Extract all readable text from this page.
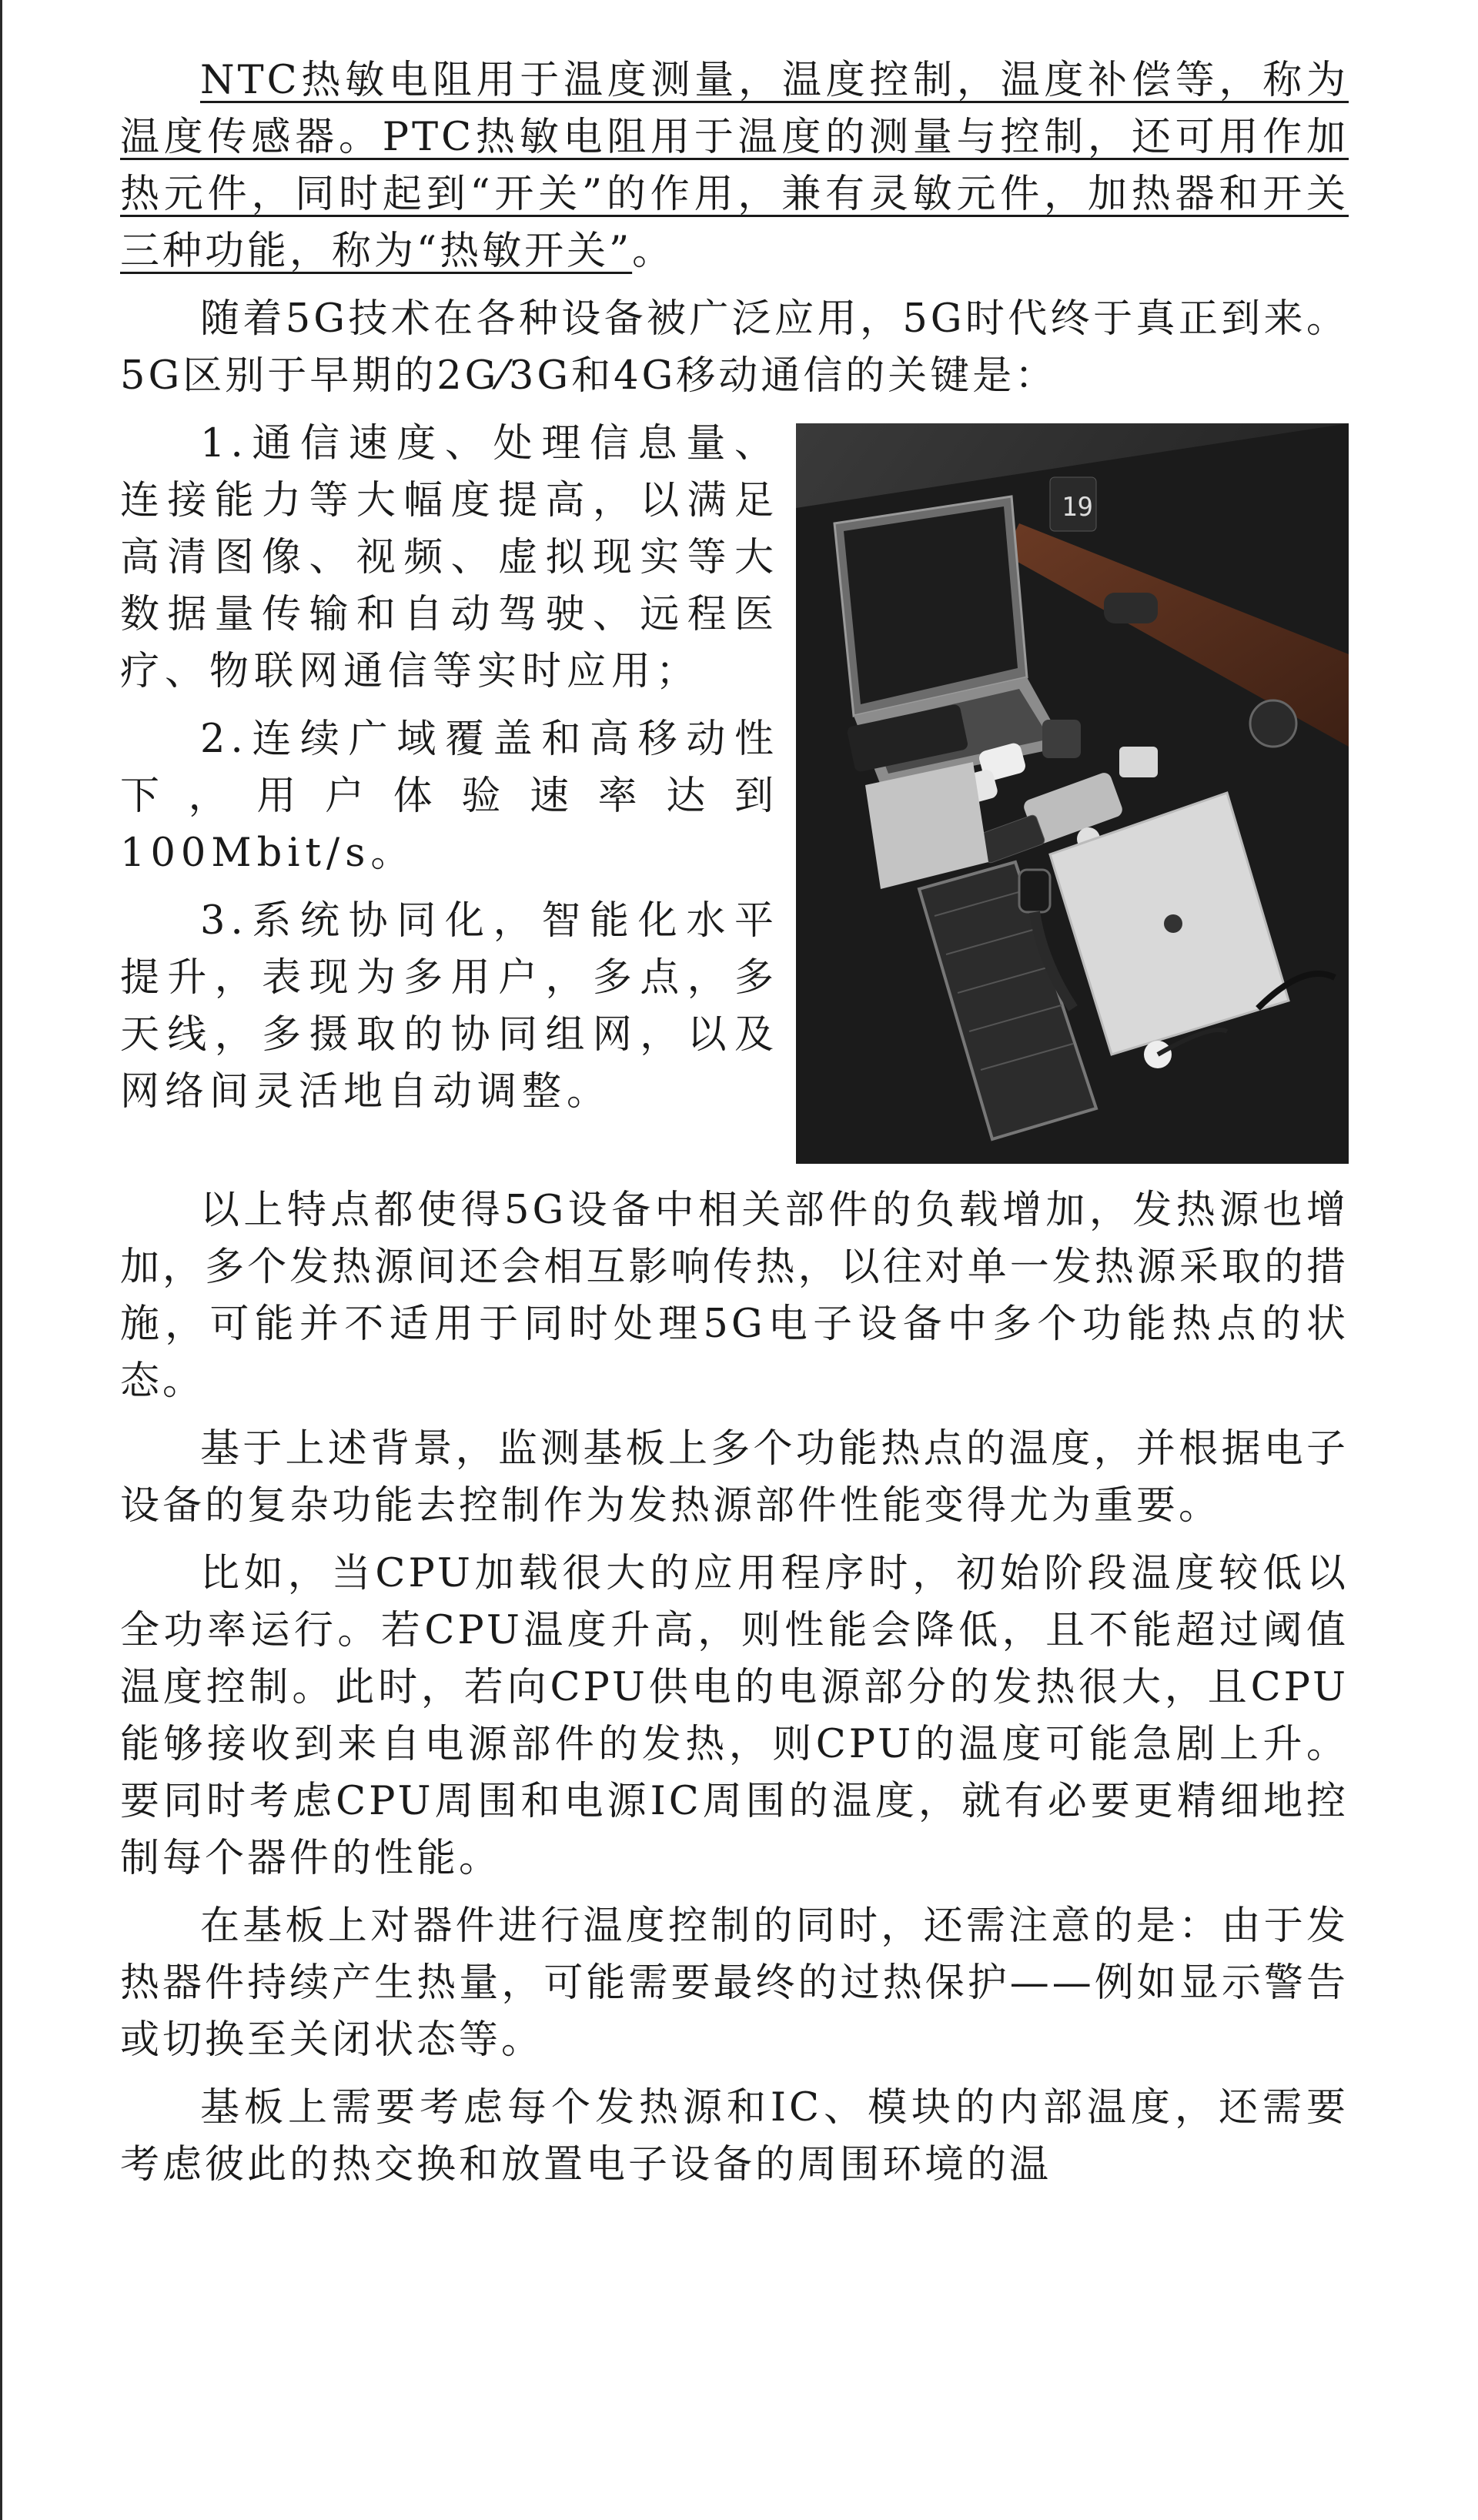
NTC热敏电阻用于温度测量，温度控制，温度补偿等，称为温度传感器。PTC热敏电阻用于温度的测量与控制，还可用作加热元件，同时起到“开关”的作用，兼有灵敏元件，加热器和开关三种功能，称为“热敏开关”。

随着5G技术在各种设备被广泛应用，5G时代终于真正到来。5G区别于早期的2G⁄3G和4G移动通信的关键是：

19

1.通信速度、处理信息量、连接能力等大幅度提高，以满足高清图像、视频、虚拟现实等大数据量传输和自动驾驶、远程医疗、物联网通信等实时应用；

2.连续广域覆盖和高移动性下，用户体验速率达到100Mbit/s。

3.系统协同化，智能化水平提升，表现为多用户，多点，多天线，多摄取的协同组网，以及网络间灵活地自动调整。

以上特点都使得5G设备中相关部件的负载增加，发热源也增加，多个发热源间还会相互影响传热，以往对单一发热源采取的措施，可能并不适用于同时处理5G电子设备中多个功能热点的状态。

基于上述背景，监测基板上多个功能热点的温度，并根据电子设备的复杂功能去控制作为发热源部件性能变得尤为重要。

比如，当CPU加载很大的应用程序时，初始阶段温度较低以全功率运行。若CPU温度升高，则性能会降低，且不能超过阈值温度控制。此时，若向CPU供电的电源部分的发热很大，且CPU能够接收到来自电源部件的发热，则CPU的温度可能急剧上升。要同时考虑CPU周围和电源IC周围的温度，就有必要更精细地控制每个器件的性能。

在基板上对器件进行温度控制的同时，还需注意的是：由于发热器件持续产生热量，可能需要最终的过热保护——例如显示警告或切换至关闭状态等。

基板上需要考虑每个发热源和IC、模块的内部温度，还需要考虑彼此的热交换和放置电子设备的周围环境的温
